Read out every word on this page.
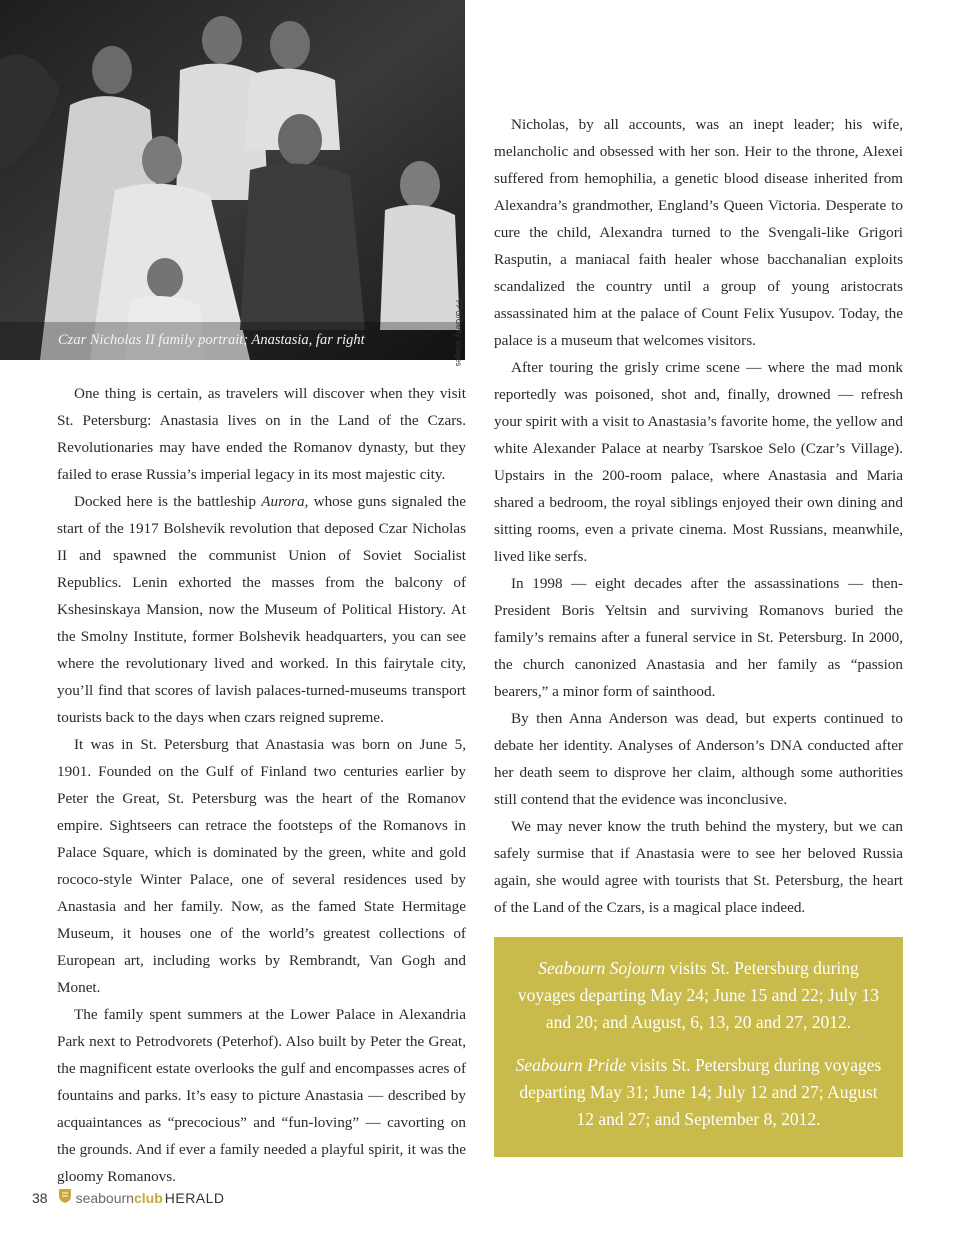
Czar Nicholas II family portrait; Anastasia, far right

One thing is certain, as travelers will discover when they visit St. Petersburg: Anastasia lives on in the Land of the Czars. Revolutionaries may have ended the Romanov dynasty, but they failed to erase Russia’s imperial legacy in its most majestic city.

Docked here is the battleship Aurora, whose guns signaled the start of the 1917 Bolshevik revolution that deposed Czar Nicholas II and spawned the communist Union of Soviet Socialist Republics. Lenin exhorted the masses from the balcony of Kshesinskaya Mansion, now the Museum of Political History. At the Smolny Institute, former Bolshevik headquarters, you can see where the revolutionary lived and worked. In this fairytale city, you’ll find that scores of lavish palaces-turned-museums transport tourists back to the days when czars reigned supreme.

It was in St. Petersburg that Anastasia was born on June 5, 1901. Founded on the Gulf of Finland two centuries earlier by Peter the Great, St. Petersburg was the heart of the Romanov empire. Sightseers can retrace the footsteps of the Romanovs in Palace Square, which is dominated by the green, white and gold rococo-style Winter Palace, one of several residences used by Anastasia and her family. Now, as the famed State Hermitage Museum, it houses one of the world’s greatest collections of European art, including works by Rembrandt, Van Gogh and Monet.

The family spent summers at the Lower Palace in Alexandria Park next to Petrodvorets (Peterhof). Also built by Peter the Great, the magnificent estate overlooks the gulf and encompasses acres of fountains and parks. It’s easy to picture Anastasia — described by acquaintances as “precocious” and “fun-loving” — cavorting on the grounds. And if ever a family needed a playful spirit, it was the gloomy Romanovs.

Nicholas, by all accounts, was an inept leader; his wife, melancholic and obsessed with her son. Heir to the throne, Alexei suffered from hemophilia, a genetic blood disease inherited from Alexandra’s grandmother, England’s Queen Victoria. Desperate to cure the child, Alexandra turned to the Svengali-like Grigori Rasputin, a maniacal faith healer whose bacchanalian exploits scandalized the country until a group of young aristocrats assassinated him at the palace of Count Felix Yusupov. Today, the palace is a museum that welcomes visitors.

After touring the grisly crime scene — where the mad monk reportedly was poisoned, shot and, finally, drowned — refresh your spirit with a visit to Anastasia’s favorite home, the yellow and white Alexander Palace at nearby Tsarskoe Selo (Czar’s Village). Upstairs in the 200-room palace, where Anastasia and Maria shared a bedroom, the royal siblings enjoyed their own dining and sitting rooms, even a private cinema. Most Russians, meanwhile, lived like serfs.

In 1998 — eight decades after the assassinations — then-President Boris Yeltsin and surviving Romanovs buried the family’s remains after a funeral service in St. Petersburg. In 2000, the church canonized Anastasia and her family as “passion bearers,” a minor form of sainthood.

By then Anna Anderson was dead, but experts continued to debate her identity. Analyses of Anderson’s DNA conducted after her death seem to disprove her claim, although some authorities still contend that the evidence was inconclusive.

We may never know the truth behind the mystery, but we can safely surmise that if Anastasia were to see her beloved Russia again, she would agree with tourists that St. Petersburg, the heart of the Land of the Czars, is a magical place indeed.

Seabourn Sojourn visits St. Petersburg during voyages departing May 24; June 15 and 22; July 13 and 20; and August, 6, 13, 20 and 27, 2012.

Seabourn Pride visits St. Petersburg during voyages departing May 31; June 14; July 12 and 27; August 12 and 27; and September 8, 2012.

38 seabourn club HERALD
